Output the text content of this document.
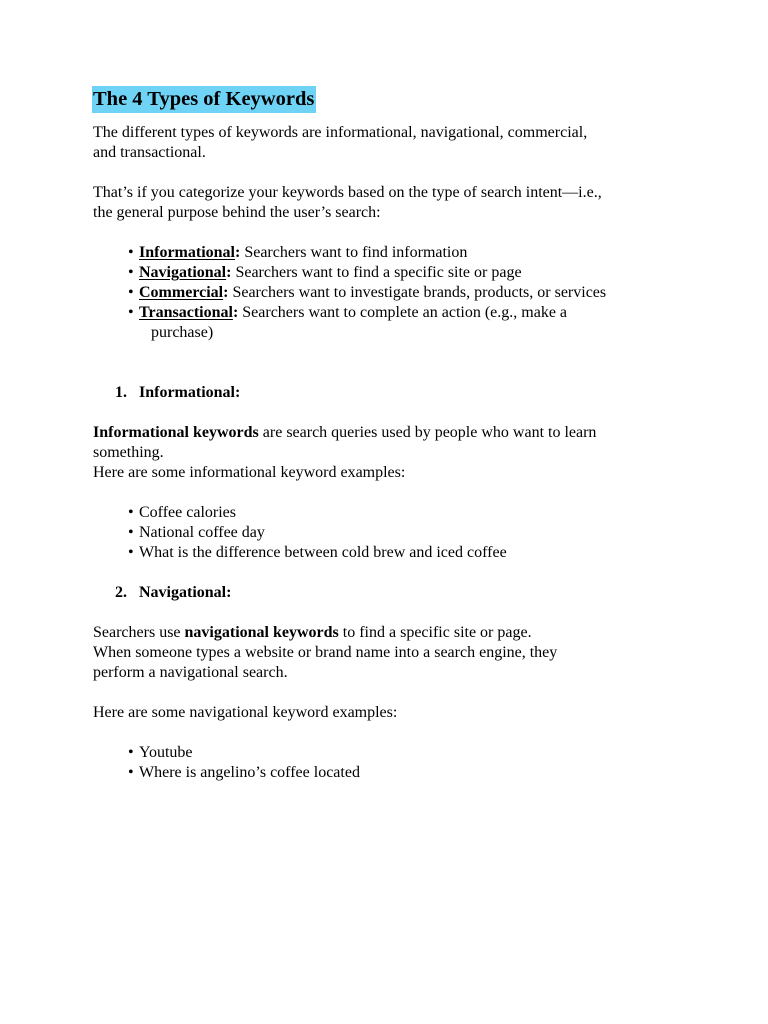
The 4 Types of Keywords

The different types of keywords are informational, navigational, commercial,
and transactional.

That’s if you categorize your keywords based on the type of search intent—i.e.,
the general purpose behind the user’s search:

• Informational: Searchers want to find information
• Navigational: Searchers want to find a specific site or page
• Commercial: Searchers want to investigate brands, products, or services
• Transactional: Searchers want to complete an action (e.g., make a
purchase)
1. Informational:

Informational keywords are search queries used by people who want to learn
something.
Here are some informational keyword examples:

• Coffee calories
• National coffee day
• What is the difference between cold brew and iced coffee
2. Navigational:

Searchers use navigational keywords to find a specific site or page.
When someone types a website or brand name into a search engine, they
perform a navigational search.

Here are some navigational keyword examples:

• Youtube
• Where is angelino’s coffee located
